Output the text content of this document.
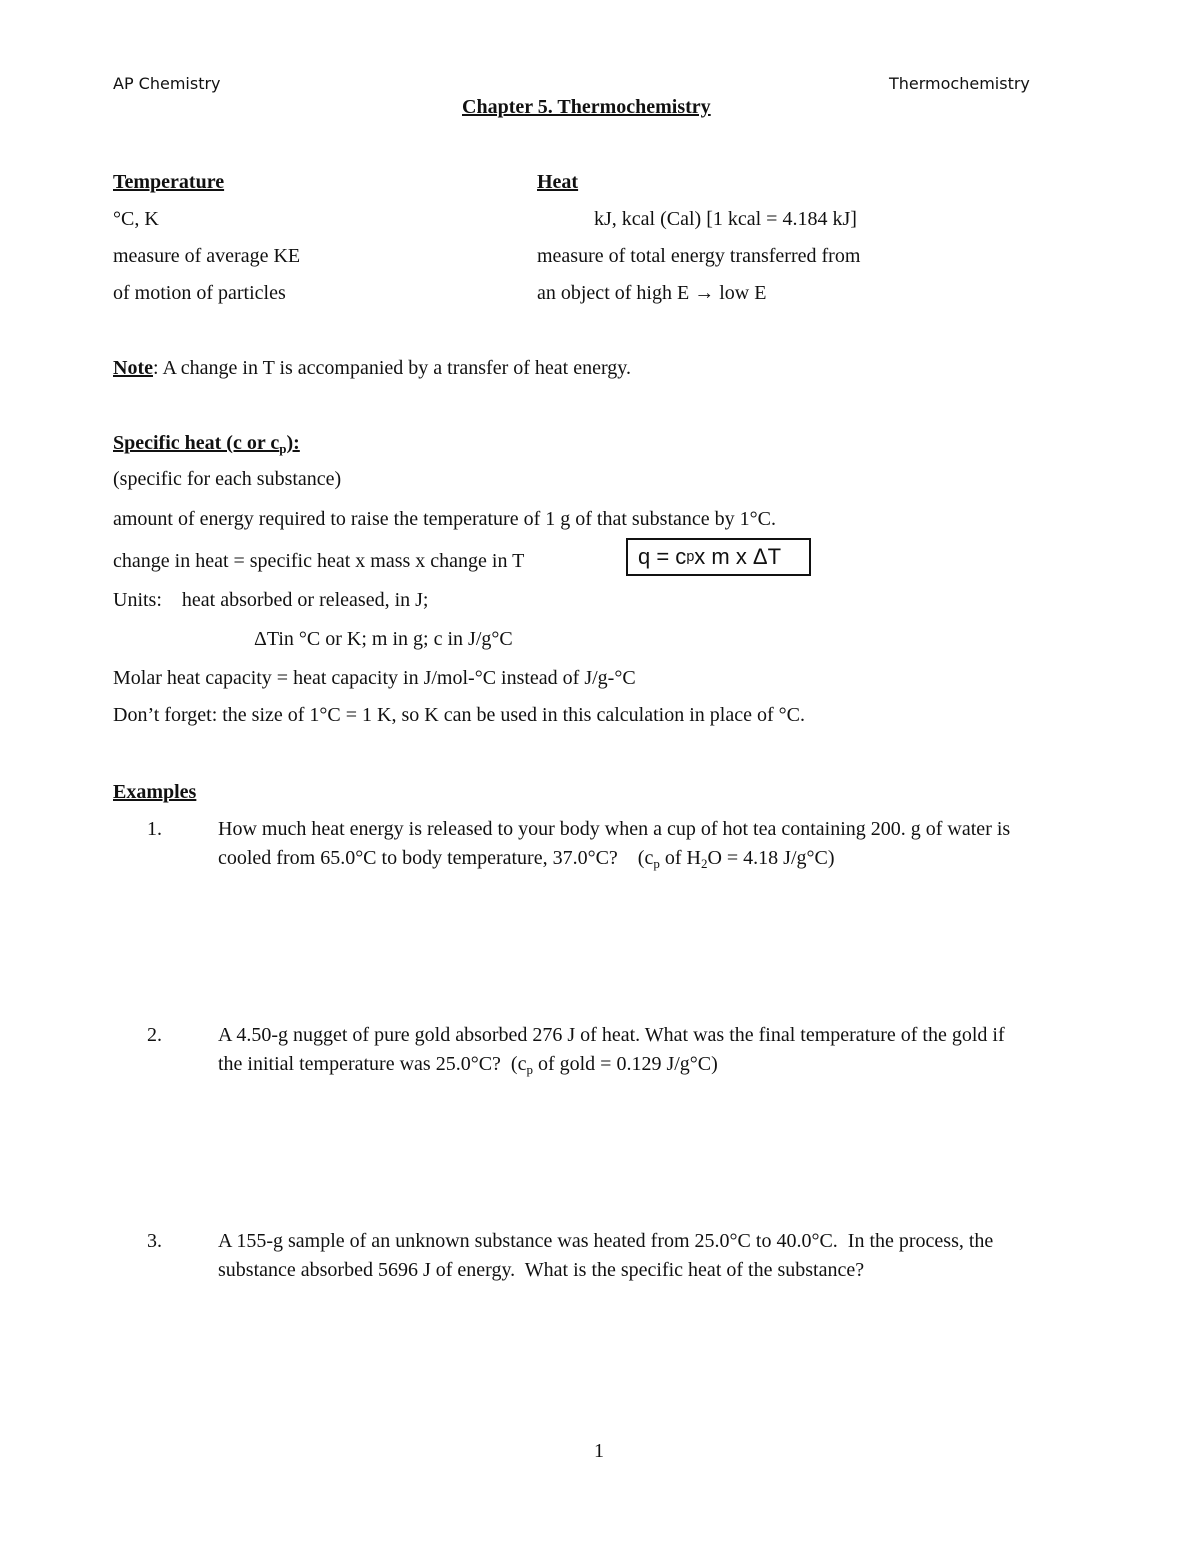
AP Chemistry	Thermochemistry
Chapter 5. Thermochemistry
Temperature	Heat
°C, K	kJ, kcal (Cal) [1 kcal = 4.184 kJ]
measure of average KE	measure of total energy transferred from
of motion of particles	an object of high E → low E
Note: A change in T is accompanied by a transfer of heat energy.
Specific heat (c or $c_p$):
(specific for each substance)
amount of energy required to raise the temperature of 1 g of that substance by 1°C.
change in heat = specific heat x mass x change in T	q = c p x m x ΔT
Units:    heat absorbed or released, in J;
ΔTin °C or K; m in g; c in J/g°C
Molar heat capacity = heat capacity in J/mol-°C instead of J/g-°C
Don’t forget: the size of 1°C = 1 K, so K can be used in this calculation in place of °C.
Examples
1.	How much heat energy is released to your body when a cup of hot tea containing 200. g of water is
cooled from 65.0°C to body temperature, 37.0°C?    ($c_p$ of $H_2O = 4.18$ J/g°C)
2.	A 4.50-g nugget of pure gold absorbed 276 J of heat. What was the final temperature of the gold if
the initial temperature was 25.0°C?  ($c_p$ of gold = 0.129 J/g°C)
3.	A 155-g sample of an unknown substance was heated from 25.0°C to 40.0°C.  In the process, the
substance absorbed 5696 J of energy.  What is the specific heat of the substance?
1
